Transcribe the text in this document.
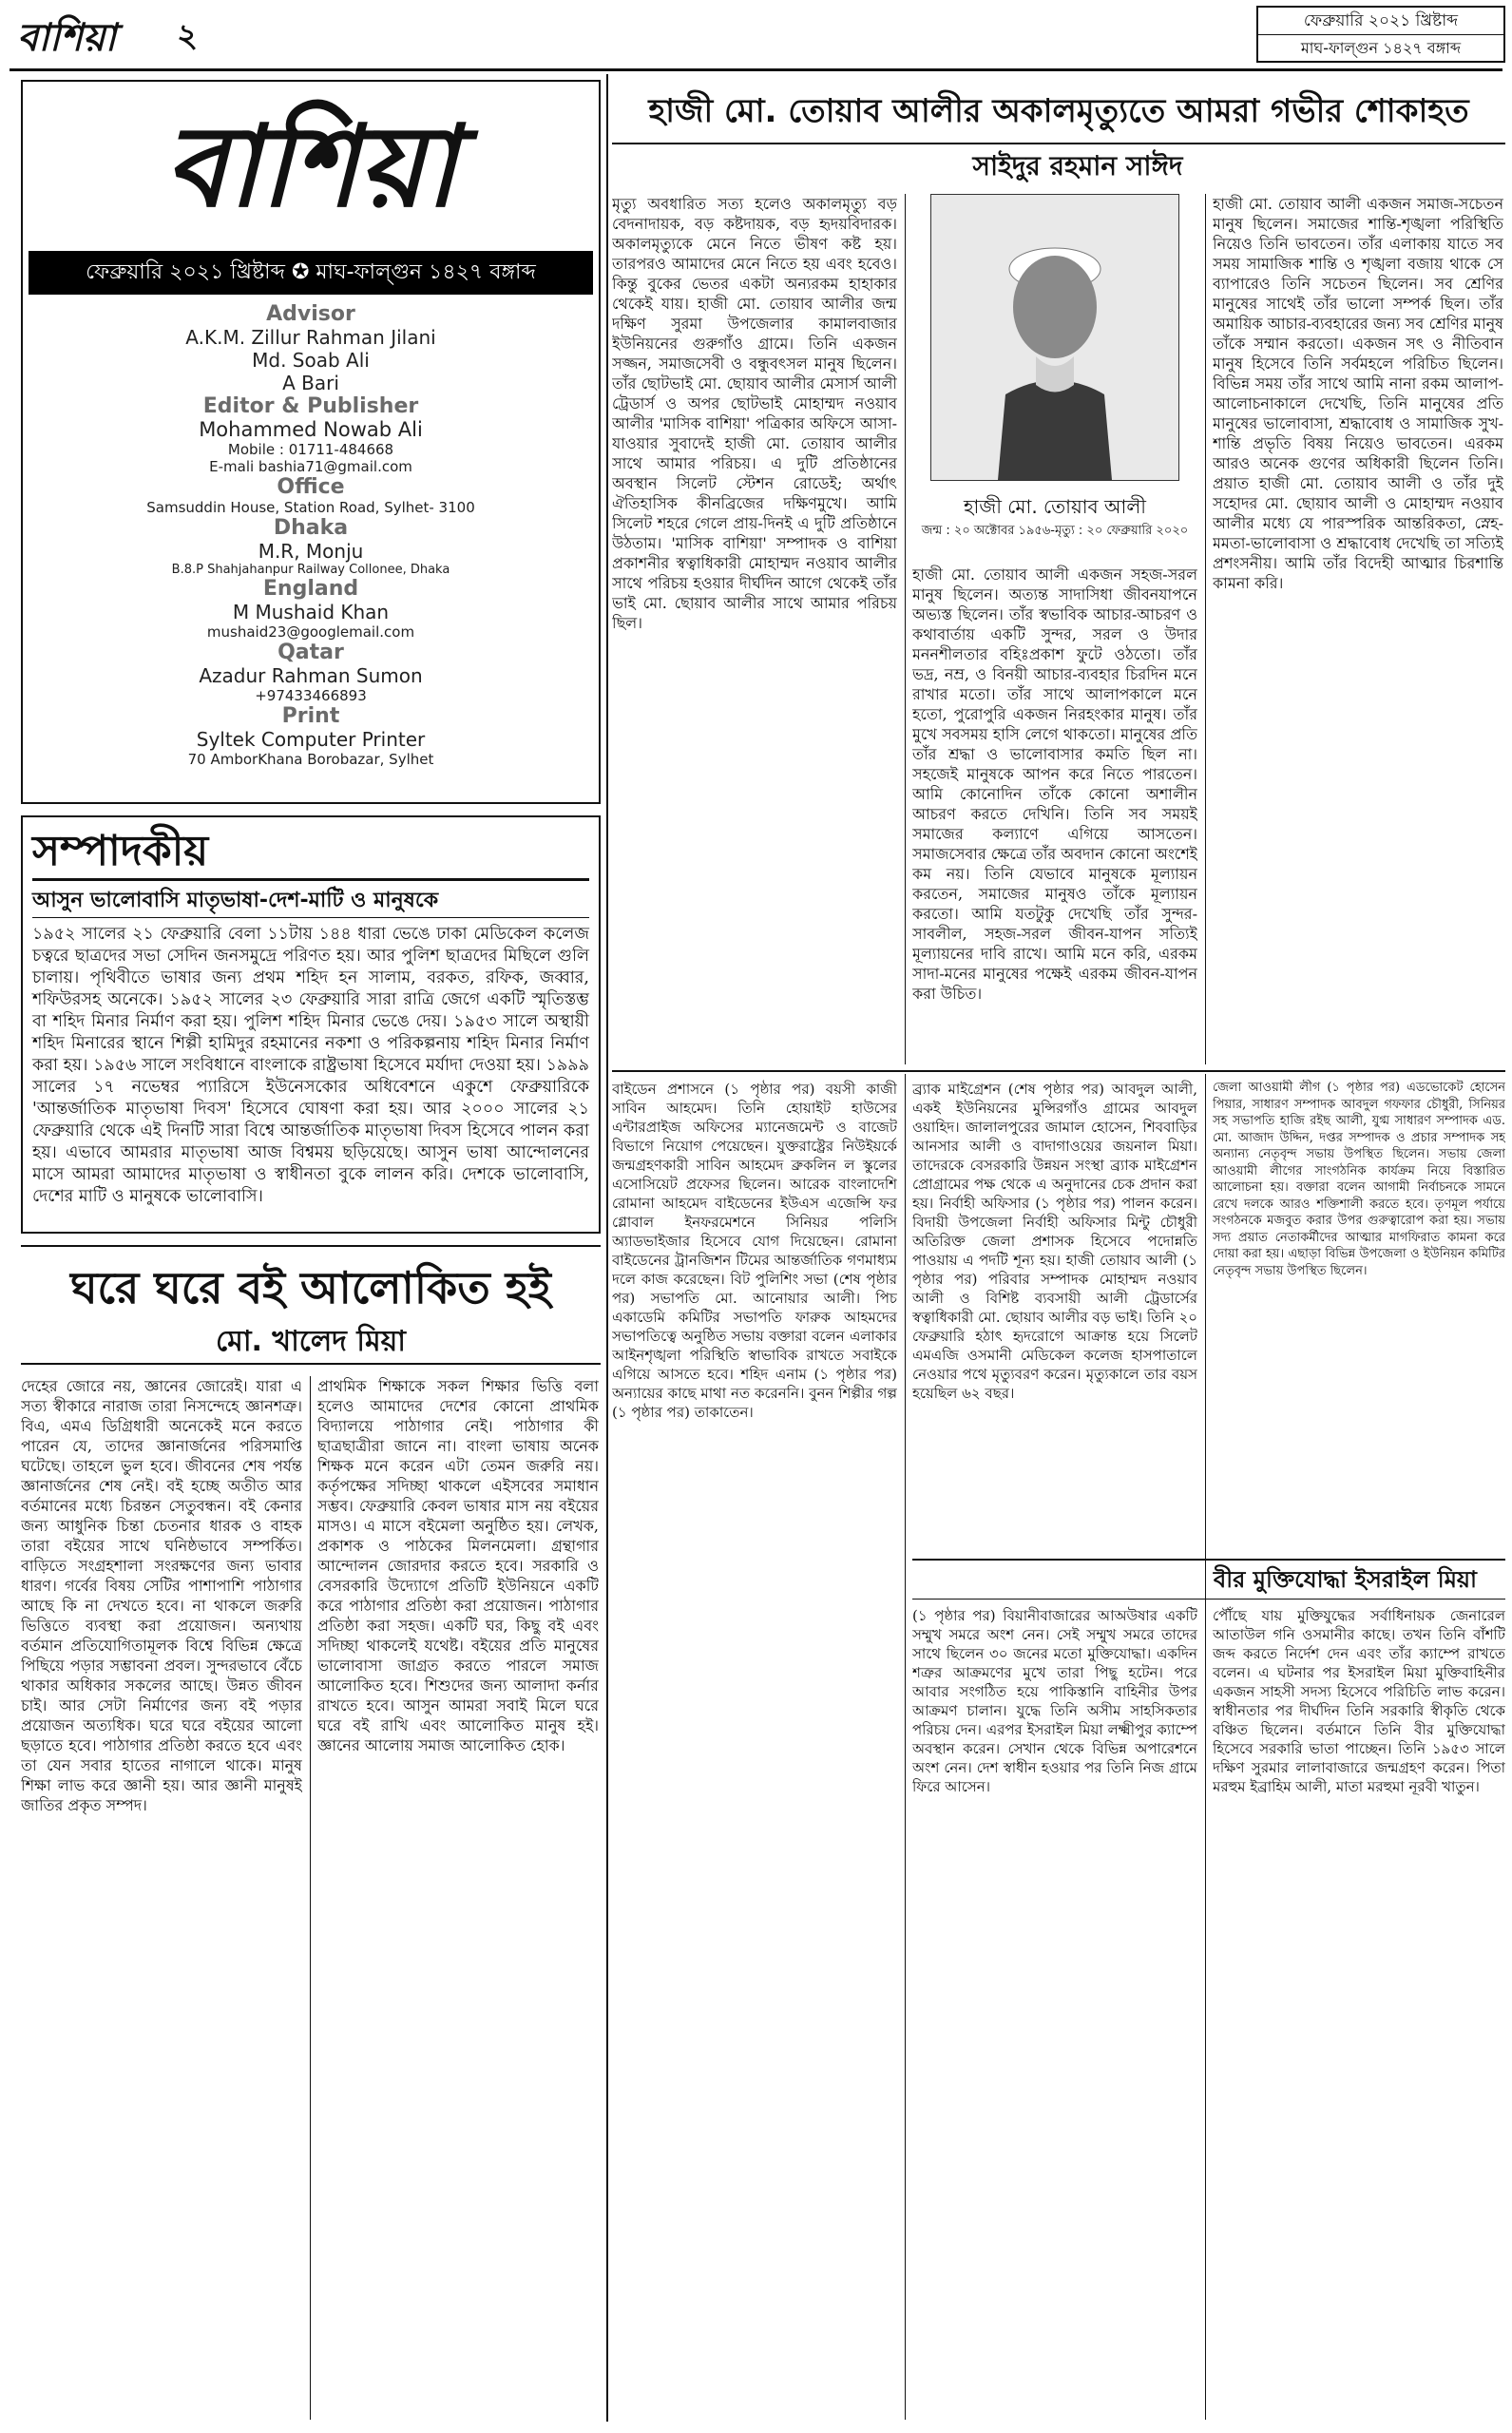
বাশিয়া	২	ফেব্রুয়ারি ২০২১ খ্রিষ্টাব্দ
মাঘ-ফাল্গুন ১৪২৭ বঙ্গাব্দ
বাশিয়া
ফেব্রুয়ারি ২০২১ খ্রিষ্টাব্দ ✪ মাঘ-ফাল্গুন ১৪২৭ বঙ্গাব্দ
Advisor
A.K.M. Zillur Rahman Jilani
Md. Soab Ali
A Bari
Editor & Publisher
Mohammed Nowab Ali
Mobile : 01711-484668
E-mali bashia71@gmail.com
Office
Samsuddin House, Station Road, Sylhet- 3100
Dhaka
M.R, Monju
B.8.P Shahjahanpur Railway Collonee, Dhaka
England
M Mushaid Khan
mushaid23@googlemail.com
Qatar
Azadur Rahman Sumon
+97433466893
Print
Syltek Computer Printer
70 AmborKhana Borobazar, Sylhet
সম্পাদকীয়
আসুন ভালোবাসি মাতৃভাষা-দেশ-মাটি ও মানুষকে
১৯৫২ সালের ২১ ফেব্রুয়ারি বেলা ১১টায় ১৪৪ ধারা ভেঙে ঢাকা মেডিকেল কলেজ চত্বরে ছাত্রদের সভা সেদিন জনসমুদ্রে পরিণত হয়। আর পুলিশ ছাত্রদের মিছিলে গুলি চালায়। পৃথিবীতে ভাষার জন্য প্রথম শহিদ হন সালাম, বরকত, রফিক, জব্বার, শফিউরসহ অনেকে। ১৯৫২ সালের ২৩ ফেব্রুয়ারি সারা রাত্রি জেগে একটি স্মৃতিস্তম্ভ বা শহিদ মিনার নির্মাণ করা হয়। পুলিশ শহিদ মিনার ভেঙে দেয়। ১৯৫৩ সালে অস্থায়ী শহিদ মিনারের স্থানে শিল্পী হামিদুর রহমানের নকশা ও পরিকল্পনায় শহিদ মিনার নির্মাণ করা হয়। ১৯৫৬ সালে সংবিধানে বাংলাকে রাষ্ট্রভাষা হিসেবে মর্যাদা দেওয়া হয়। ১৯৯৯ সালের ১৭ নভেম্বর প্যারিসে ইউনেসকোর অধিবেশনে একুশে ফেব্রুয়ারিকে 'আন্তর্জাতিক মাতৃভাষা দিবস' হিসেবে ঘোষণা করা হয়। আর ২০০০ সালের ২১ ফেব্রুয়ারি থেকে এই দিনটি সারা বিশ্বে আন্তর্জাতিক মাতৃভাষা দিবস হিসেবে পালন করা হয়। এভাবে আমরার মাতৃভাষা আজ বিশ্বময় ছড়িয়েছে। আসুন ভাষা আন্দোলনের মাসে আমরা আমাদের মাতৃভাষা ও স্বাধীনতা বুকে লালন করি। দেশকে ভালোবাসি, দেশের মাটি ও মানুষকে ভালোবাসি।
ঘরে ঘরে বই আলোকিত হই
মো. খালেদ মিয়া
দেহের জোরে নয়, জ্ঞানের জোরেই। যারা এ সত্য স্বীকারে নারাজ তারা নিসন্দেহে জ্ঞানশত্রু। বিএ, এমএ ডিগ্রিধারী অনেকেই মনে করতে পারেন যে, তাদের জ্ঞানার্জনের পরিসমাপ্তি ঘটেছে। তাহলে ভুল হবে। জীবনের শেষ পর্যন্ত জ্ঞানার্জনের শেষ নেই। বই হচ্ছে অতীত আর বর্তমানের মধ্যে চিরন্তন সেতুবন্ধন। বই কেনার জন্য আধুনিক চিন্তা চেতনার ধারক ও বাহক তারা বইয়ের সাথে ঘনিষ্ঠভাবে সম্পর্কিত। বাড়িতে সংগ্রহশালা সংরক্ষণের জন্য ভাবার ধারণ। গর্বের বিষয় সেটির পাশাপাশি পাঠাগার আছে কি না দেখতে হবে। না থাকলে জরুরি ভিত্তিতে ব্যবস্থা করা প্রয়োজন। অন্যথায় বর্তমান প্রতিযোগিতামূলক বিশ্বে বিভিন্ন ক্ষেত্রে পিছিয়ে পড়ার সম্ভাবনা প্রবল। সুন্দরভাবে বেঁচে থাকার অধিকার সকলের আছে। উন্নত জীবন চাই। আর সেটা নির্মাণের জন্য বই পড়ার প্রয়োজন অত্যধিক। ঘরে ঘরে বইয়ের আলো ছড়াতে হবে। পাঠাগার প্রতিষ্ঠা করতে হবে এবং তা যেন সবার হাতের নাগালে থাকে। মানুষ শিক্ষা লাভ করে জ্ঞানী হয়। আর জ্ঞানী মানুষই জাতির প্রকৃত সম্পদ।
প্রাথমিক শিক্ষাকে সকল শিক্ষার ভিত্তি বলা হলেও আমাদের দেশের কোনো প্রাথমিক বিদ্যালয়ে পাঠাগার নেই। পাঠাগার কী ছাত্রছাত্রীরা জানে না। বাংলা ভাষায় অনেক শিক্ষক মনে করেন এটা তেমন জরুরি নয়। কর্তৃপক্ষের সদিচ্ছা থাকলে এইসবের সমাধান সম্ভব। ফেব্রুয়ারি কেবল ভাষার মাস নয় বইয়ের মাসও। এ মাসে বইমেলা অনুষ্ঠিত হয়। লেখক, প্রকাশক ও পাঠকের মিলনমেলা। গ্রন্থাগার আন্দোলন জোরদার করতে হবে। সরকারি ও বেসরকারি উদ্যোগে প্রতিটি ইউনিয়নে একটি করে পাঠাগার প্রতিষ্ঠা করা প্রয়োজন। পাঠাগার প্রতিষ্ঠা করা সহজ। একটি ঘর, কিছু বই এবং সদিচ্ছা থাকলেই যথেষ্ট। বইয়ের প্রতি মানুষের ভালোবাসা জাগ্রত করতে পারলে সমাজ আলোকিত হবে। শিশুদের জন্য আলাদা কর্নার রাখতে হবে। আসুন আমরা সবাই মিলে ঘরে ঘরে বই রাখি এবং আলোকিত মানুষ হই। জ্ঞানের আলোয় সমাজ আলোকিত হোক।
হাজী মো. তোয়াব আলীর অকালমৃত্যুতে আমরা গভীর শোকাহত
সাইদুর রহমান সাঈদ
মৃত্যু অবধারিত সত্য হলেও অকালমৃত্যু বড় বেদনাদায়ক, বড় কষ্টদায়ক, বড় হৃদয়বিদারক। অকালমৃত্যুকে মেনে নিতে ভীষণ কষ্ট হয়। তারপরও আমাদের মেনে নিতে হয় এবং হবেও। কিন্তু বুকের ভেতর একটা অন্যরকম হাহাকার থেকেই যায়। হাজী মো. তোয়াব আলীর জন্ম দক্ষিণ সুরমা উপজেলার কামালবাজার ইউনিয়নের গুরুগাঁও গ্রামে। তিনি একজন সজ্জন, সমাজসেবী ও বন্ধুবৎসল মানুষ ছিলেন। তাঁর ছোটভাই মো. ছোয়াব আলীর মেসার্স আলী ট্রেডার্স ও অপর ছোটভাই মোহাম্মদ নওয়াব আলীর 'মাসিক বাশিয়া' পত্রিকার অফিসে আসা-যাওয়ার সুবাদেই হাজী মো. তোয়াব আলীর সাথে আমার পরিচয়। এ দুটি প্রতিষ্ঠানের অবস্থান সিলেট স্টেশন রোডেই; অর্থাৎ ঐতিহাসিক কীনব্রিজের দক্ষিণমুখে। আমি সিলেট শহরে গেলে প্রায়-দিনই এ দুটি প্রতিষ্ঠানে উঠতাম। 'মাসিক বাশিয়া' সম্পাদক ও বাশিয়া প্রকাশনীর স্বত্বাধিকারী মোহাম্মদ নওয়াব আলীর সাথে পরিচয় হওয়ার দীর্ঘদিন আগে থেকেই তাঁর ভাই মো. ছোয়াব আলীর সাথে আমার পরিচয় ছিল।
হাজী মো. তোয়াব আলী
জন্ম : ২০ অক্টোবর ১৯৫৬-মৃত্যু : ২০ ফেব্রুয়ারি ২০২০
হাজী মো. তোয়াব আলী একজন সহজ-সরল মানুষ ছিলেন। অত্যন্ত সাদাসিধা জীবনযাপনে অভ্যস্ত ছিলেন। তাঁর স্বভাবিক আচার-আচরণ ও কথাবার্তায় একটি সুন্দর, সরল ও উদার মননশীলতার বহিঃপ্রকাশ ফুটে ওঠতো। তাঁর ভদ্র, নম্র, ও বিনয়ী আচার-ব্যবহার চিরদিন মনে রাখার মতো। তাঁর সাথে আলাপকালে মনে হতো, পুরোপুরি একজন নিরহংকার মানুষ। তাঁর মুখে সবসময় হাসি লেগে থাকতো। মানুষের প্রতি তাঁর শ্রদ্ধা ও ভালোবাসার কমতি ছিল না। সহজেই মানুষকে আপন করে নিতে পারতেন। আমি কোনোদিন তাঁকে কোনো অশালীন আচরণ করতে দেখিনি। তিনি সব সময়ই সমাজের কল্যাণে এগিয়ে আসতেন। সমাজসেবার ক্ষেত্রে তাঁর অবদান কোনো অংশেই কম নয়। তিনি যেভাবে মানুষকে মূল্যায়ন করতেন, সমাজের মানুষও তাঁকে মূল্যায়ন করতো। আমি যতটুকু দেখেছি তাঁর সুন্দর-সাবলীল, সহজ-সরল জীবন-যাপন সত্যিই মূল্যায়নের দাবি রাখে। আমি মনে করি, এরকম সাদা-মনের মানুষের পক্ষেই এরকম জীবন-যাপন করা উচিত।
হাজী মো. তোয়াব আলী একজন সমাজ-সচেতন মানুষ ছিলেন। সমাজের শান্তি-শৃঙ্খলা পরিস্থিতি নিয়েও তিনি ভাবতেন। তাঁর এলাকায় যাতে সব সময় সামাজিক শান্তি ও শৃঙ্খলা বজায় থাকে সে ব্যাপারেও তিনি সচেতন ছিলেন। সব শ্রেণির মানুষের সাথেই তাঁর ভালো সম্পর্ক ছিল। তাঁর অমায়িক আচার-ব্যবহারের জন্য সব শ্রেণির মানুষ তাঁকে সম্মান করতো। একজন সৎ ও নীতিবান মানুষ হিসেবে তিনি সর্বমহলে পরিচিত ছিলেন। বিভিন্ন সময় তাঁর সাথে আমি নানা রকম আলাপ-আলোচনাকালে দেখেছি, তিনি মানুষের প্রতি মানুষের ভালোবাসা, শ্রদ্ধাবোধ ও সামাজিক সুখ-শান্তি প্রভৃতি বিষয় নিয়েও ভাবতেন। এরকম আরও অনেক গুণের অধিকারী ছিলেন তিনি। প্রয়াত হাজী মো. তোয়াব আলী ও তাঁর দুই সহোদর মো. ছোয়াব আলী ও মোহাম্মদ নওয়াব আলীর মধ্যে যে পারস্পরিক আন্তরিকতা, স্নেহ-মমতা-ভালোবাসা ও শ্রদ্ধাবোধ দেখেছি তা সত্যিই প্রশংসনীয়। আমি তাঁর বিদেহী আত্মার চিরশান্তি কামনা করি।
বাইডেন প্রশাসনে (১ পৃষ্ঠার পর) বয়সী কাজী সাবিন আহমেদ। তিনি হোয়াইট হাউসের এন্টারপ্রাইজ অফিসের ম্যানেজমেন্ট ও বাজেট বিভাগে নিয়োগ পেয়েছেন। যুক্তরাষ্ট্রের নিউইয়র্কে জন্মগ্রহণকারী সাবিন আহমেদ ব্রুকলিন ল স্কুলের এসোসিয়েট প্রফেসর ছিলেন। আরেক বাংলাদেশি রোমানা আহমেদ বাইডেনের ইউএস এজেন্সি ফর গ্লোবাল ইনফরমেশনে সিনিয়র পলিসি অ্যাডভাইজার হিসেবে যোগ দিয়েছেন। রোমানা বাইডেনের ট্রানজিশন টিমের আন্তর্জাতিক গণমাধ্যম দলে কাজ করেছেন। বিট পুলিশিং সভা (শেষ পৃষ্ঠার পর) সভাপতি মো. আনোয়ার আলী। পিচ একাডেমি কমিটির সভাপতি ফারুক আহমদের সভাপতিত্বে অনুষ্ঠিত সভায় বক্তারা বলেন এলাকার আইনশৃঙ্খলা পরিস্থিতি স্বাভাবিক রাখতে সবাইকে এগিয়ে আসতে হবে। শহিদ এনাম (১ পৃষ্ঠার পর) অন্যায়ের কাছে মাথা নত করেননি। বুনন শিল্পীর গল্প (১ পৃষ্ঠার পর) তাকাতেন।
ব্র্যাক মাইগ্রেশন (শেষ পৃষ্ঠার পর) আবদুল আলী, একই ইউনিয়নের মুন্সিরগাঁও গ্রামের আবদুল ওয়াহিদ। জালালপুরের জামাল হোসেন, শিববাড়ির আনসার আলী ও বাদাগাওয়ের জয়নাল মিয়া। তাদেরকে বেসরকারি উন্নয়ন সংস্থা ব্র্যাক মাইগ্রেশন প্রোগ্রামের পক্ষ থেকে এ অনুদানের চেক প্রদান করা হয়। নির্বাহী অফিসার (১ পৃষ্ঠার পর) পালন করেন। বিদায়ী উপজেলা নির্বাহী অফিসার মিন্টু চৌধুরী অতিরিক্ত জেলা প্রশাসক হিসেবে পদোন্নতি পাওয়ায় এ পদটি শূন্য হয়। হাজী তোয়াব আলী (১ পৃষ্ঠার পর) পরিবার সম্পাদক মোহাম্মদ নওয়াব আলী ও বিশিষ্ট ব্যবসায়ী আলী ট্রেডার্সের স্বত্বাধিকারী মো. ছোয়াব আলীর বড় ভাই। তিনি ২০ ফেব্রুয়ারি হঠাৎ হৃদরোগে আক্রান্ত হয়ে সিলেট এমএজি ওসমানী মেডিকেল কলেজ হাসপাতালে নেওয়ার পথে মৃত্যুবরণ করেন। মৃত্যুকালে তার বয়স হয়েছিল ৬২ বছর।
জেলা আওয়ামী লীগ (১ পৃষ্ঠার পর) এডভোকেট হোসেন পিয়ার, সাধারণ সম্পাদক আবদুল গফফার চৌধুরী, সিনিয়র সহ সভাপতি হাজি রইছ আলী, যুগ্ম সাধারণ সম্পাদক এড. মো. আজাদ উদ্দিন, দপ্তর সম্পাদক ও প্রচার সম্পাদক সহ অন্যান্য নেতৃবৃন্দ সভায় উপস্থিত ছিলেন। সভায় জেলা আওয়ামী লীগের সাংগঠনিক কার্যক্রম নিয়ে বিস্তারিত আলোচনা হয়। বক্তারা বলেন আগামী নির্বাচনকে সামনে রেখে দলকে আরও শক্তিশালী করতে হবে। তৃণমূল পর্যায়ে সংগঠনকে মজবুত করার উপর গুরুত্বারোপ করা হয়। সভায় সদ্য প্রয়াত নেতাকর্মীদের আত্মার মাগফিরাত কামনা করে দোয়া করা হয়। এছাড়া বিভিন্ন উপজেলা ও ইউনিয়ন কমিটির নেতৃবৃন্দ সভায় উপস্থিত ছিলেন।
বীর মুক্তিযোদ্ধা ইসরাইল মিয়া
(১ পৃষ্ঠার পর) বিয়ানীবাজারের আঅউষার একটি সম্মুখ সমরে অংশ নেন। সেই সম্মুখ সমরে তাদের সাথে ছিলেন ৩০ জনের মতো মুক্তিযোদ্ধা। একদিন শত্রুর আক্রমণের মুখে তারা পিছু হটেন। পরে আবার সংগঠিত হয়ে পাকিস্তানি বাহিনীর উপর আক্রমণ চালান। যুদ্ধে তিনি অসীম সাহসিকতার পরিচয় দেন। এরপর ইসরাইল মিয়া লক্ষ্মীপুর ক্যাম্পে অবস্থান করেন। সেখান থেকে বিভিন্ন অপারেশনে অংশ নেন। দেশ স্বাধীন হওয়ার পর তিনি নিজ গ্রামে ফিরে আসেন।
পৌঁছে যায় মুক্তিযুদ্ধের সর্বাধিনায়ক জেনারেল আতাউল গনি ওসমানীর কাছে। তখন তিনি বাঁশটি জব্দ করতে নির্দেশ দেন এবং তাঁর ক্যাম্পে রাখতে বলেন। এ ঘটনার পর ইসরাইল মিয়া মুক্তিবাহিনীর একজন সাহসী সদস্য হিসেবে পরিচিতি লাভ করেন। স্বাধীনতার পর দীর্ঘদিন তিনি সরকারি স্বীকৃতি থেকে বঞ্চিত ছিলেন। বর্তমানে তিনি বীর মুক্তিযোদ্ধা হিসেবে সরকারি ভাতা পাচ্ছেন। তিনি ১৯৫৩ সালে দক্ষিণ সুরমার লালাবাজারে জন্মগ্রহণ করেন। পিতা মরহুম ইব্রাহিম আলী, মাতা মরহুমা নূরবী খাতুন।
